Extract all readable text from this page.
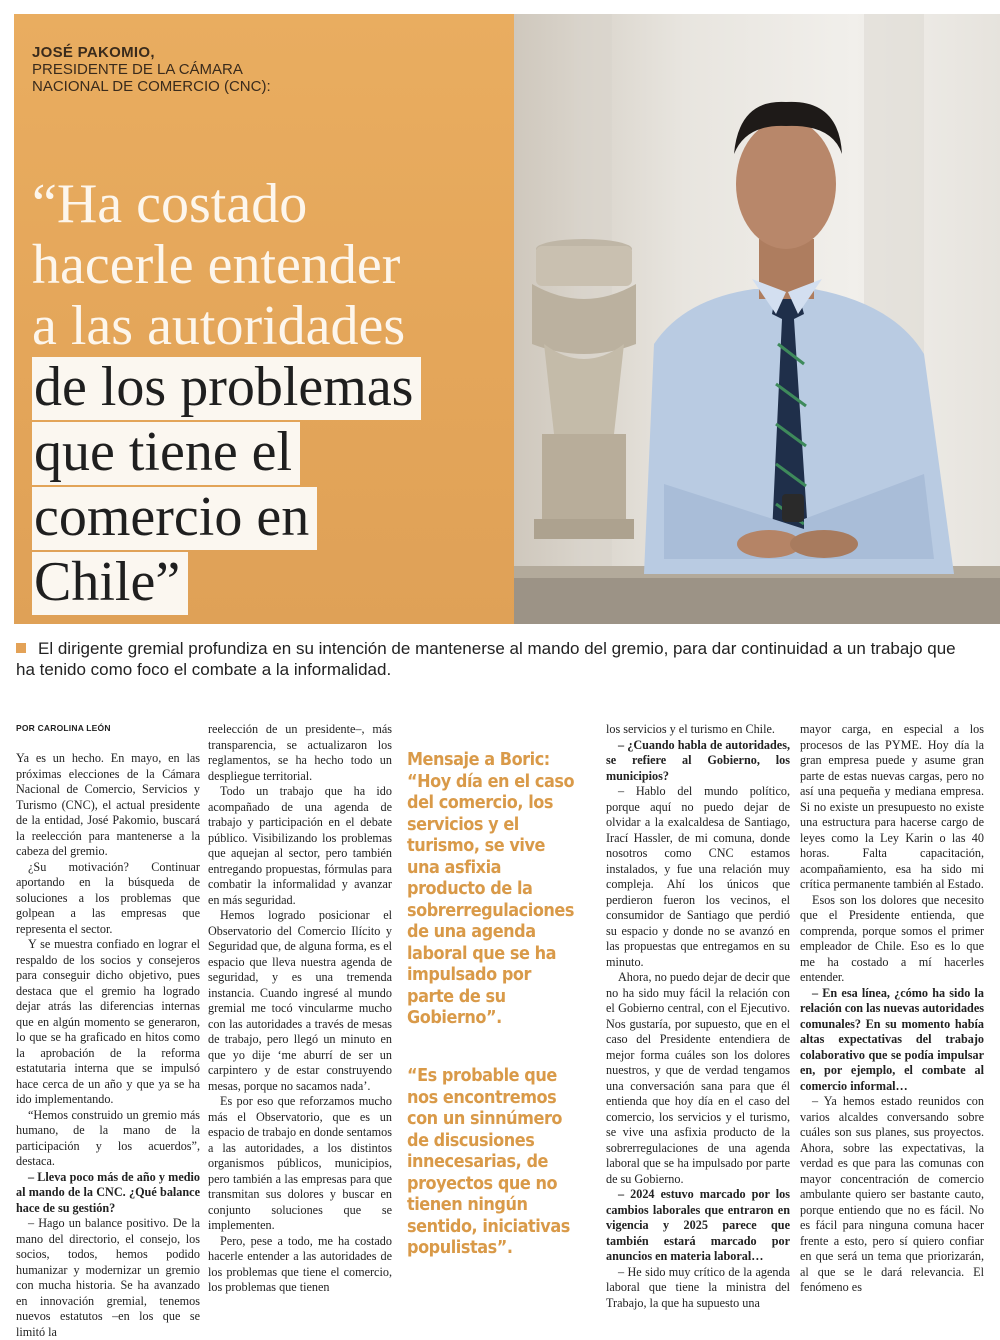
JOSÉ PAKOMIO,
PRESIDENTE DE LA CÁMARA
NACIONAL DE COMERCIO (CNC):

“Ha costado
hacerle entender
a las autoridades
de los problemas
que tiene el
comercio en
Chile”

El dirigente gremial profundiza en su intención de mantenerse al mando del gremio, para dar continuidad a un trabajo que ha tenido como foco el combate a la informalidad.

POR CAROLINA LEÓN

Ya es un hecho. En mayo, en las próximas elecciones de la Cámara Nacional de Comercio, Servicios y Turismo (CNC), el actual presidente de la entidad, José Pakomio, buscará la reelección para mantenerse a la cabeza del gremio.

¿Su motivación? Continuar aportando en la búsqueda de soluciones a los problemas que golpean a las empresas que representa el sector.

Y se muestra confiado en lograr el respaldo de los socios y consejeros para conseguir dicho objetivo, pues destaca que el gremio ha logrado dejar atrás las diferencias internas que en algún momento se generaron, lo que se ha graficado en hitos como la aprobación de la reforma estatutaria interna que se impulsó hace cerca de un año y que ya se ha ido implementando.

“Hemos construido un gremio más humano, de la mano de la participación y los acuerdos”, destaca.

– Lleva poco más de año y medio al mando de la CNC. ¿Qué balance hace de su gestión?

– Hago un balance positivo. De la mano del directorio, el consejo, los socios, todos, hemos podido humanizar y modernizar un gremio con mucha historia. Se ha avanzado en innovación gremial, tenemos nuevos estatutos –en los que se limitó la

reelección de un presidente–, más transparencia, se actualizaron los reglamentos, se ha hecho todo un despliegue territorial.

Todo un trabajo que ha ido acompañado de una agenda de trabajo y participación en el debate público. Visibilizando los problemas que aquejan al sector, pero también entregando propuestas, fórmulas para combatir la informalidad y avanzar en más seguridad.

Hemos logrado posicionar el Observatorio del Comercio Ilícito y Seguridad que, de alguna forma, es el espacio que lleva nuestra agenda de seguridad, y es una tremenda instancia. Cuando ingresé al mundo gremial me tocó vincularme mucho con las autoridades a través de mesas de trabajo, pero llegó un minuto en que yo dije ‘me aburrí de ser un carpintero y de estar construyendo mesas, porque no sacamos nada’.

Es por eso que reforzamos mucho más el Observatorio, que es un espacio de trabajo en donde sentamos a las autoridades, a los distintos organismos públicos, municipios, pero también a las empresas para que transmitan sus dolores y buscar en conjunto soluciones que se implementen.

Pero, pese a todo, me ha costado hacerle entender a las autoridades de los problemas que tiene el comercio, los problemas que tienen

Mensaje a Boric:
“Hoy día en el caso del comercio, los servicios y el turismo, se vive una asfixia producto de la sobrerregulaciones de una agenda laboral que se ha impulsado por parte de su Gobierno”.
“Es probable que nos encontremos con un sinnúmero de discusiones innecesarias, de proyectos que no tienen ningún sentido, iniciativas populistas”.

los servicios y el turismo en Chile.

– ¿Cuando habla de autoridades, se refiere al Gobierno, los municipios?

– Hablo del mundo político, porque aquí no puedo dejar de olvidar a la exalcaldesa de Santiago, Irací Hassler, de mi comuna, donde nosotros como CNC estamos instalados, y fue una relación muy compleja. Ahí los únicos que perdieron fueron los vecinos, el consumidor de Santiago que perdió su espacio y donde no se avanzó en las propuestas que entregamos en su minuto.

Ahora, no puedo dejar de decir que no ha sido muy fácil la relación con el Gobierno central, con el Ejecutivo. Nos gustaría, por supuesto, que en el caso del Presidente entendiera de mejor forma cuáles son los dolores nuestros, y que de verdad tengamos una conversación sana para que él entienda que hoy día en el caso del comercio, los servicios y el turismo, se vive una asfixia producto de la sobrerregulaciones de una agenda laboral que se ha impulsado por parte de su Gobierno.

– 2024 estuvo marcado por los cambios laborales que entraron en vigencia y 2025 parece que también estará marcado por anuncios en materia laboral…

– He sido muy crítico de la agenda laboral que tiene la ministra del Trabajo, la que ha supuesto una

mayor carga, en especial a los procesos de las PYME. Hoy día la gran empresa puede y asume gran parte de estas nuevas cargas, pero no así una pequeña y mediana empresa. Si no existe un presupuesto no existe una estructura para hacerse cargo de leyes como la Ley Karin o las 40 horas. Falta capacitación, acompañamiento, esa ha sido mi crítica permanente también al Estado.

Esos son los dolores que necesito que el Presidente entienda, que comprenda, porque somos el primer empleador de Chile. Eso es lo que me ha costado a mí hacerles entender.

– En esa línea, ¿cómo ha sido la relación con las nuevas autoridades comunales? En su momento había altas expectativas del trabajo colaborativo que se podía impulsar en, por ejemplo, el combate al comercio informal…

– Ya hemos estado reunidos con varios alcaldes conversando sobre cuáles son sus planes, sus proyectos. Ahora, sobre las expectativas, la verdad es que para las comunas con mayor concentración de comercio ambulante quiero ser bastante cauto, porque entiendo que no es fácil. No es fácil para ninguna comuna hacer frente a esto, pero sí quiero confiar en que será un tema que priorizarán, al que se le dará relevancia. El fenómeno es
